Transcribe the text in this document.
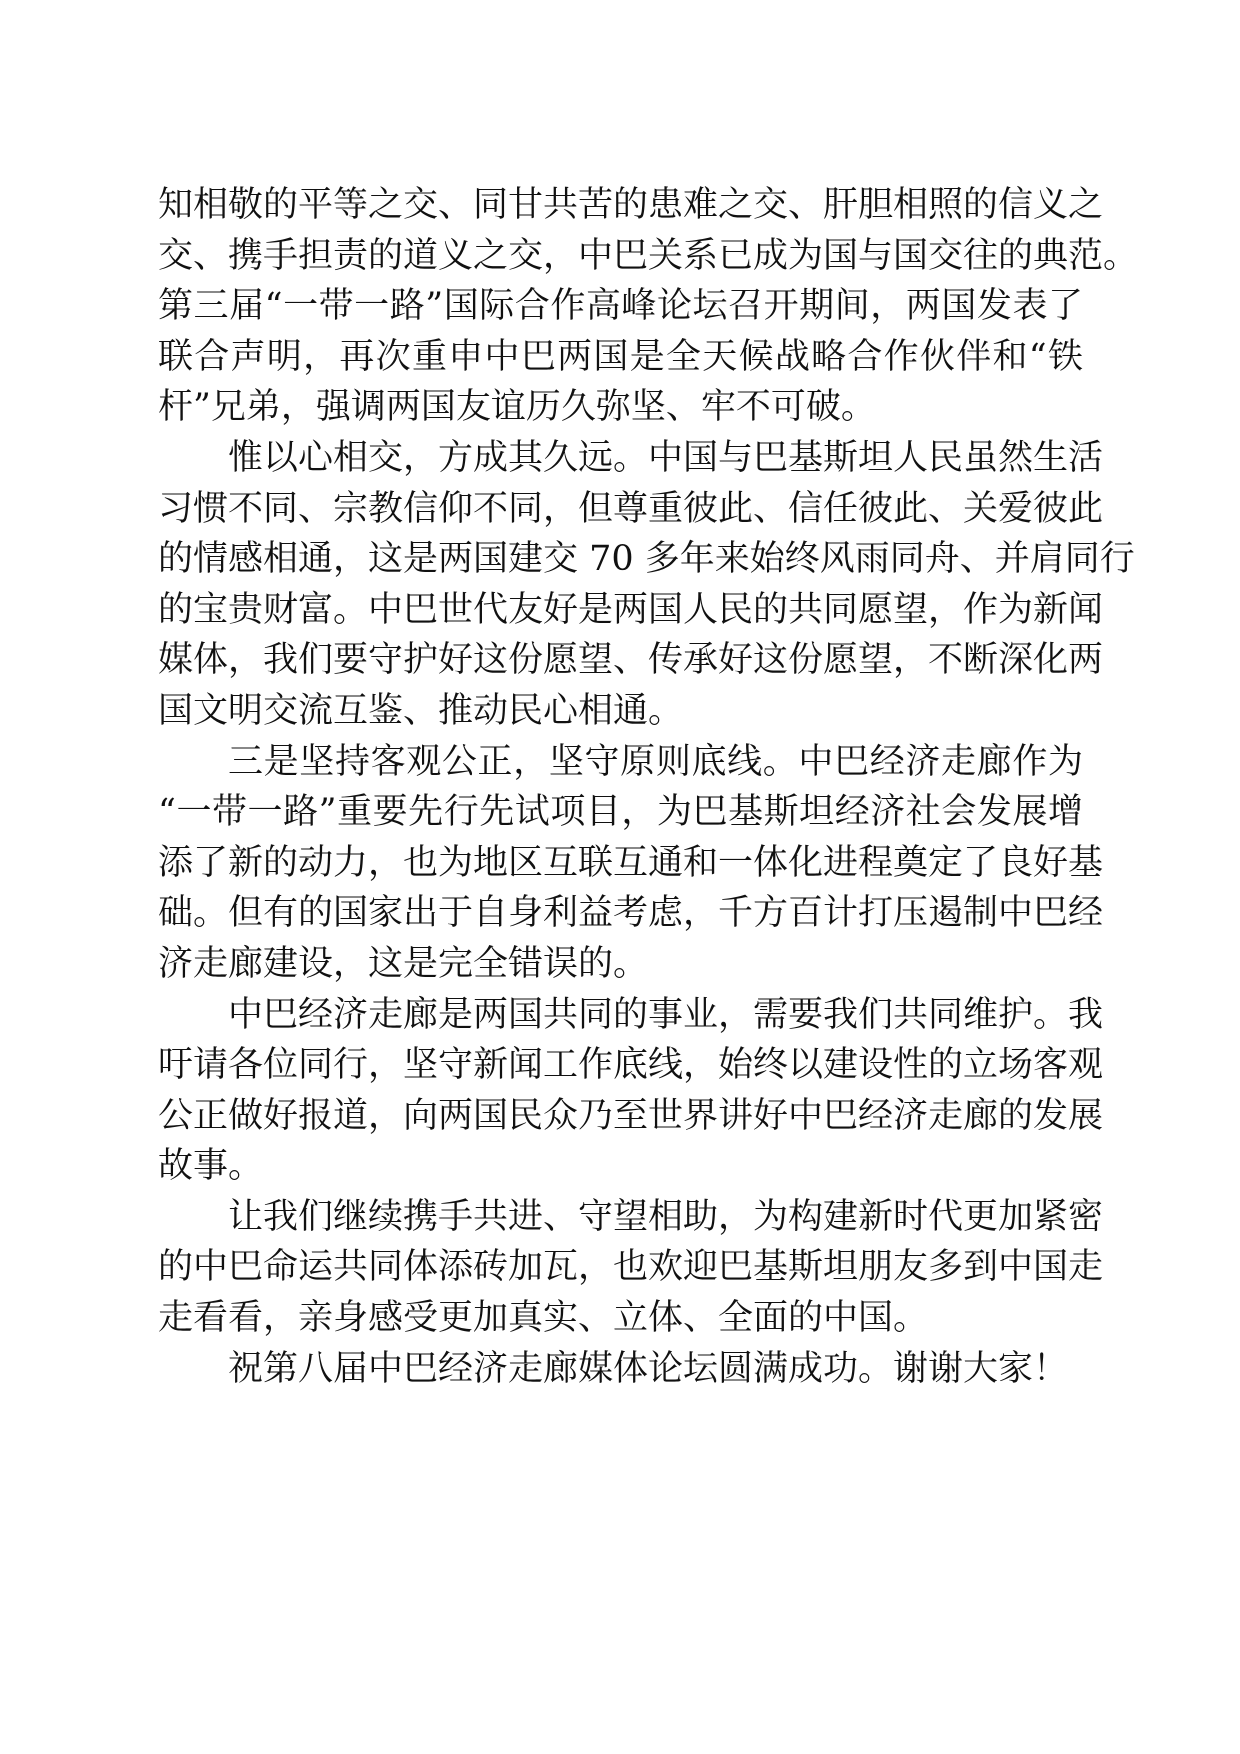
知相敬的平等之交、同甘共苦的患难之交、肝胆相照的信义之
交、携手担责的道义之交，中巴关系已成为国与国交往的典范。
第三届“一带一路”国际合作高峰论坛召开期间，两国发表了
联合声明，再次重申中巴两国是全天候战略合作伙伴和“铁
杆”兄弟，强调两国友谊历久弥坚、牢不可破。
惟以心相交，方成其久远。中国与巴基斯坦人民虽然生活
习惯不同、宗教信仰不同，但尊重彼此、信任彼此、关爱彼此
的情感相通，这是两国建交 70 多年来始终风雨同舟、并肩同行
的宝贵财富。中巴世代友好是两国人民的共同愿望，作为新闻
媒体，我们要守护好这份愿望、传承好这份愿望，不断深化两
国文明交流互鉴、推动民心相通。
三是坚持客观公正，坚守原则底线。中巴经济走廊作为
“一带一路”重要先行先试项目，为巴基斯坦经济社会发展增
添了新的动力，也为地区互联互通和一体化进程奠定了良好基
础。但有的国家出于自身利益考虑，千方百计打压遏制中巴经
济走廊建设，这是完全错误的。
中巴经济走廊是两国共同的事业，需要我们共同维护。我
吁请各位同行，坚守新闻工作底线，始终以建设性的立场客观
公正做好报道，向两国民众乃至世界讲好中巴经济走廊的发展
故事。
让我们继续携手共进、守望相助，为构建新时代更加紧密
的中巴命运共同体添砖加瓦，也欢迎巴基斯坦朋友多到中国走
走看看，亲身感受更加真实、立体、全面的中国。
祝第八届中巴经济走廊媒体论坛圆满成功。谢谢大家！
